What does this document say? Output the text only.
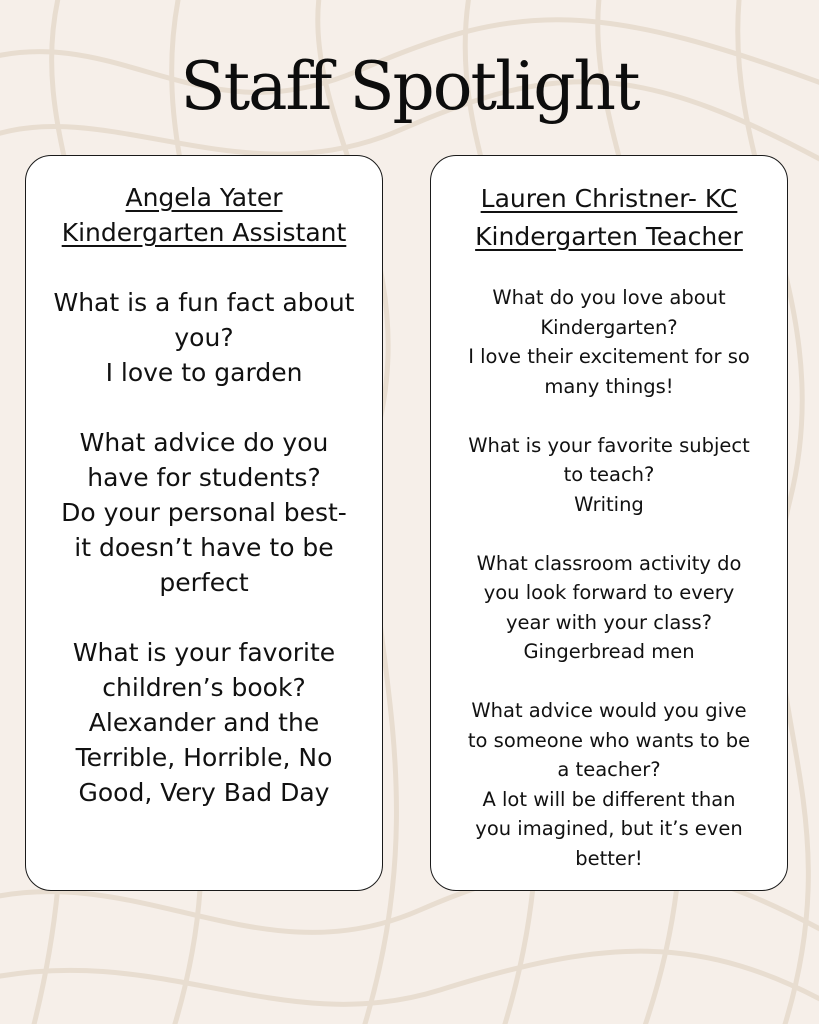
Staff Spotlight
Angela Yater
Kindergarten Assistant

What is a fun fact about
you?
I love to garden

What advice do you
have for students?
Do your personal best-
it doesn’t have to be
perfect

What is your favorite
children’s book?
Alexander and the
Terrible, Horrible, No
Good, Very Bad Day

Lauren Christner- KC
Kindergarten Teacher

What do you love about
Kindergarten?
I love their excitement for so
many things!

What is your favorite subject
to teach?
Writing

What classroom activity do
you look forward to every
year with your class?
Gingerbread men

What advice would you give
to someone who wants to be
a teacher?
A lot will be different than
you imagined, but it’s even
better!
